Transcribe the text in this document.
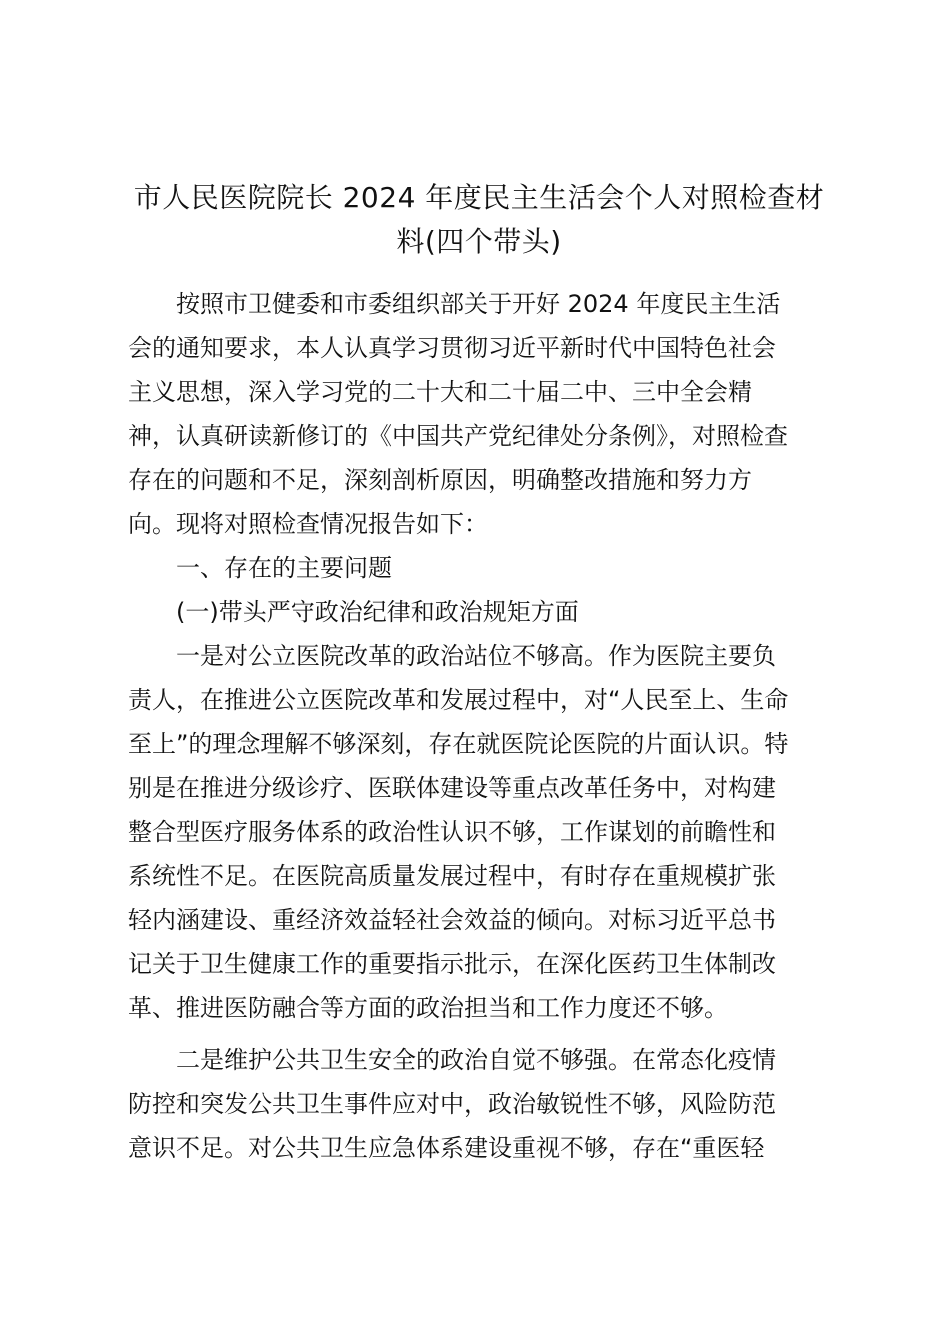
市人民医院院长 2024 年度民主生活会个人对照检查材
料(四个带头)
按照市卫健委和市委组织部关于开好 2024 年度民主生活
会的通知要求，本人认真学习贯彻习近平新时代中国特色社会
主义思想，深入学习党的二十大和二十届二中、三中全会精
神，认真研读新修订的《中国共产党纪律处分条例》，对照检查
存在的问题和不足，深刻剖析原因，明确整改措施和努力方
向。现将对照检查情况报告如下：
一、存在的主要问题
(一)带头严守政治纪律和政治规矩方面
一是对公立医院改革的政治站位不够高。作为医院主要负
责人，在推进公立医院改革和发展过程中，对“人民至上、生命
至上”的理念理解不够深刻，存在就医院论医院的片面认识。特
别是在推进分级诊疗、医联体建设等重点改革任务中，对构建
整合型医疗服务体系的政治性认识不够，工作谋划的前瞻性和
系统性不足。在医院高质量发展过程中，有时存在重规模扩张
轻内涵建设、重经济效益轻社会效益的倾向。对标习近平总书
记关于卫生健康工作的重要指示批示，在深化医药卫生体制改
革、推进医防融合等方面的政治担当和工作力度还不够。
二是维护公共卫生安全的政治自觉不够强。在常态化疫情
防控和突发公共卫生事件应对中，政治敏锐性不够，风险防范
意识不足。对公共卫生应急体系建设重视不够，存在“重医轻
